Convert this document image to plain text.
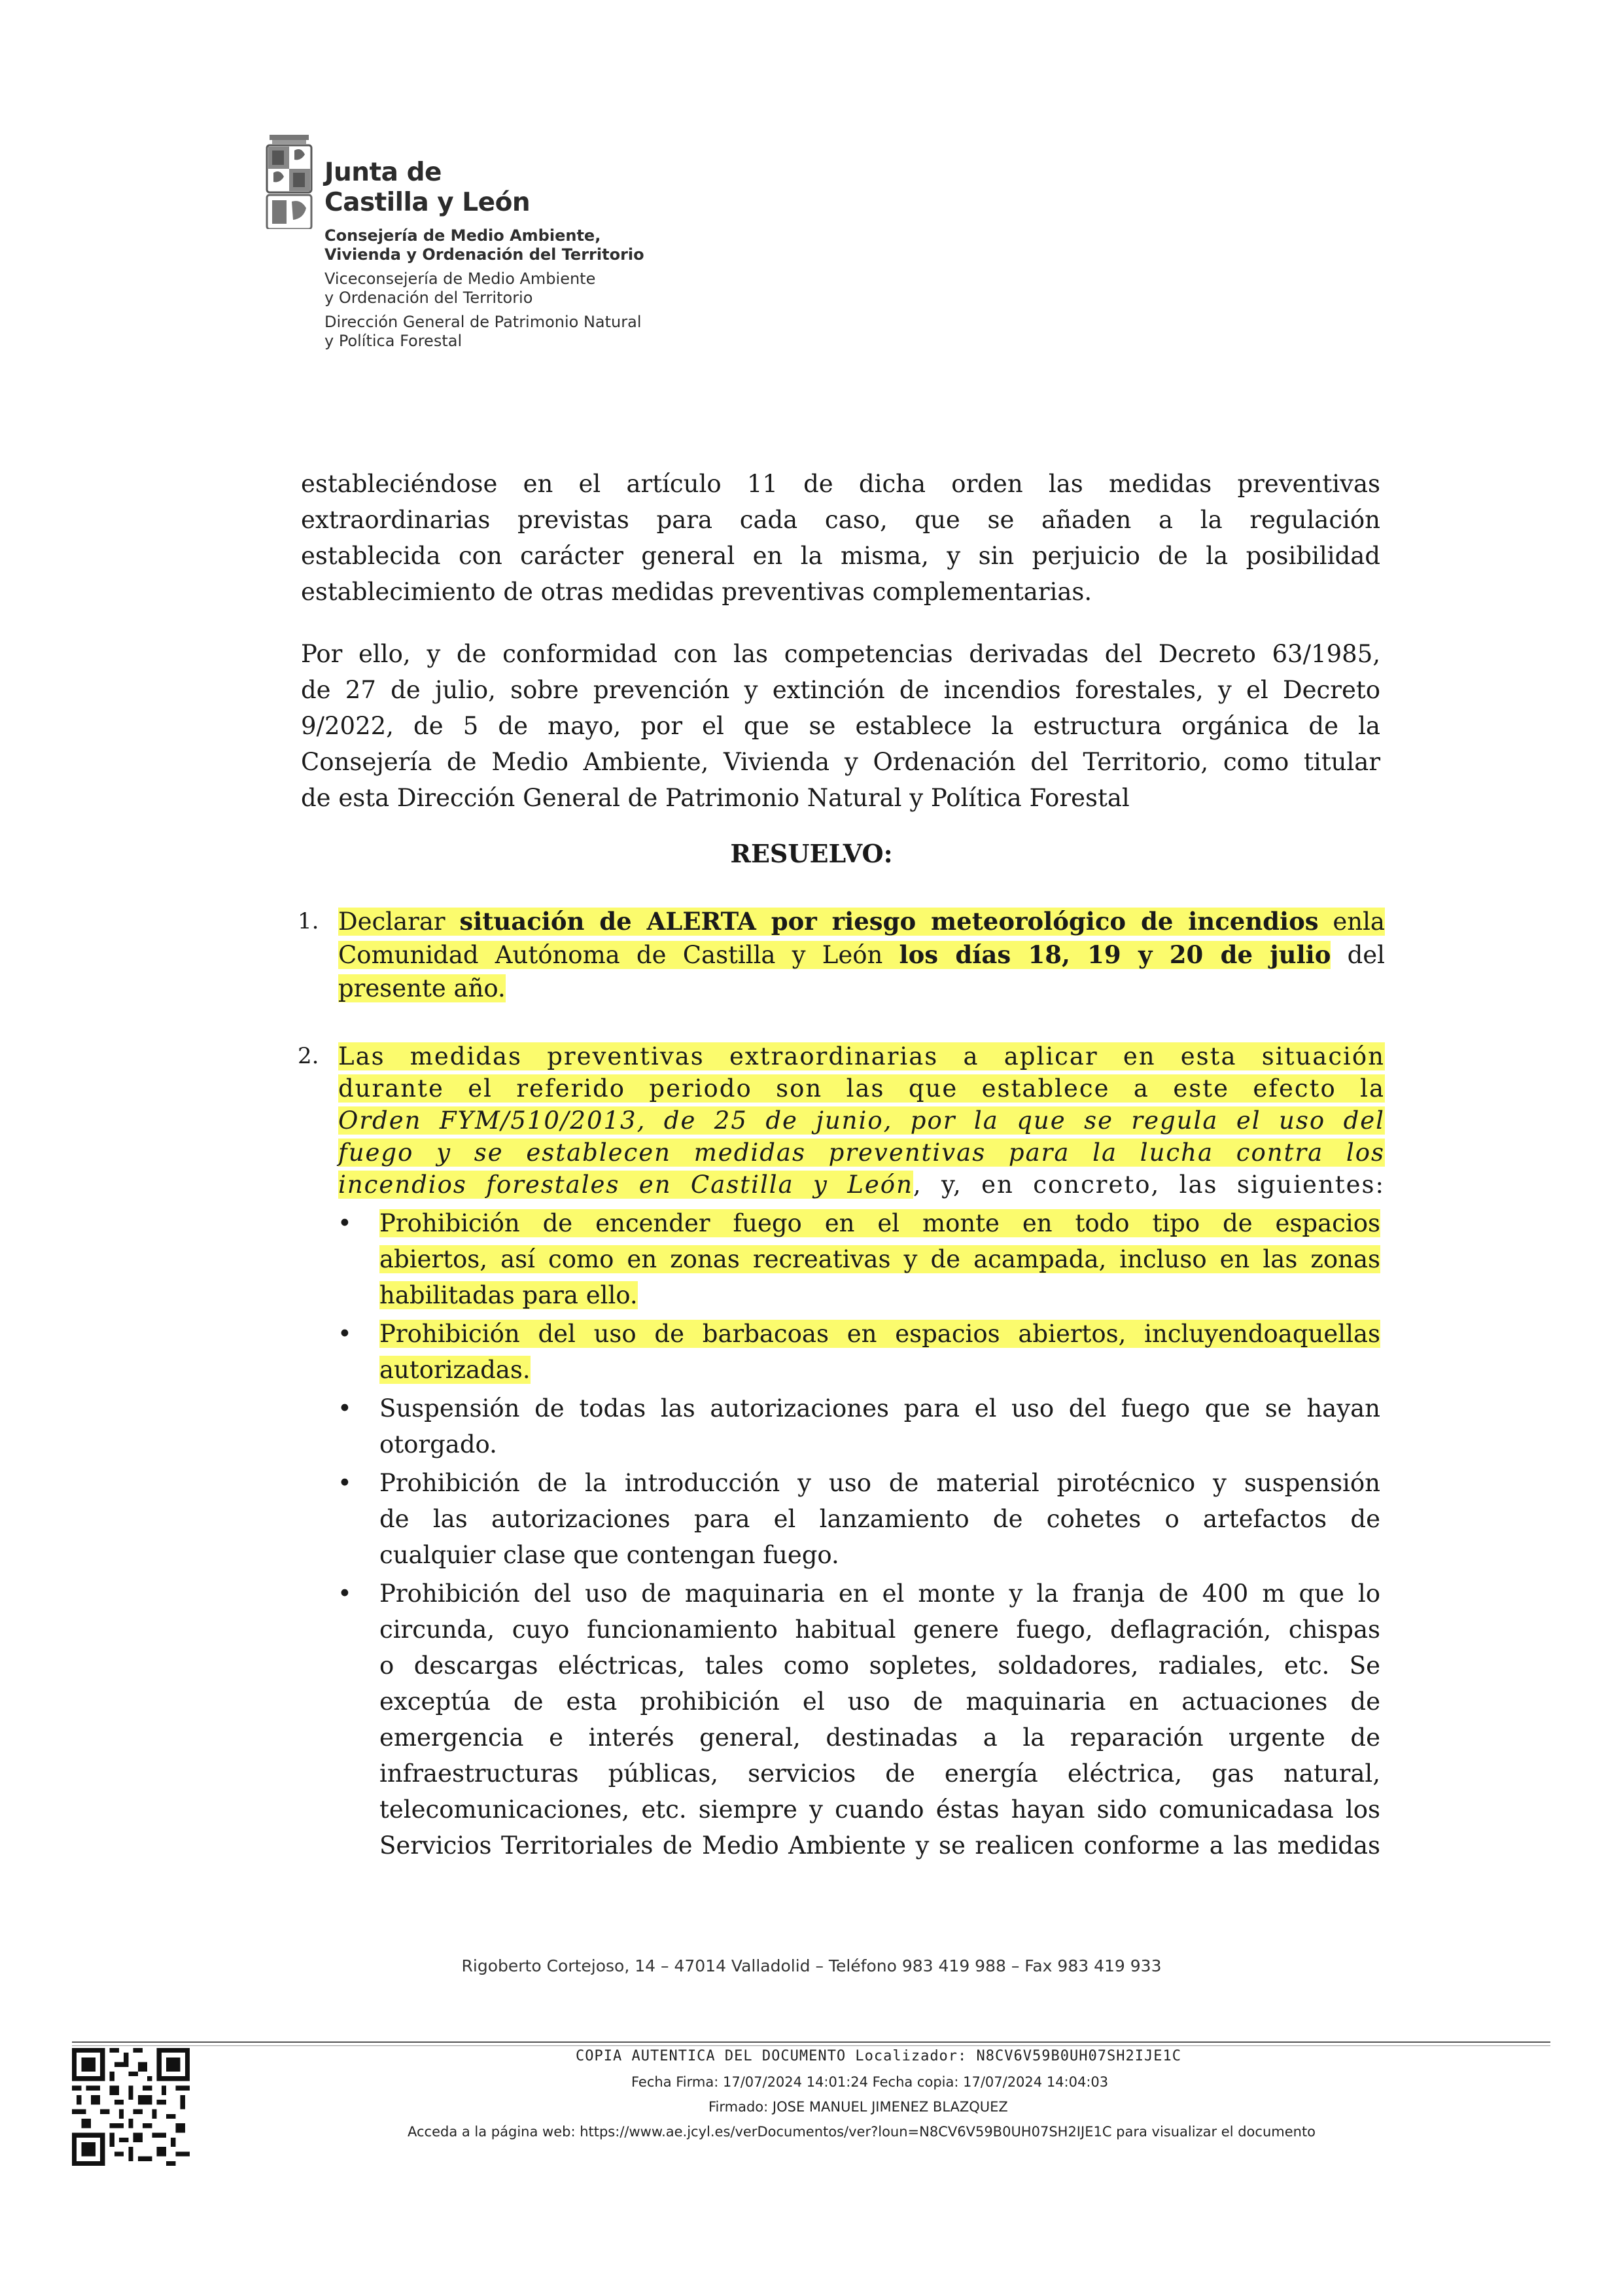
Junta de
Castilla y León
Consejería de Medio Ambiente,
Vivienda y Ordenación del Territorio
Viceconsejería de Medio Ambiente
y Ordenación del Territorio
Dirección General de Patrimonio Natural
y Política Forestal
estableciéndose en el artículo 11 de dicha orden las medidas preventivas
extraordinarias previstas para cada caso, que se añaden a la regulación
establecida con carácter general en la misma, y sin perjuicio de la posibilidad
establecimiento de otras medidas preventivas complementarias.
Por ello, y de conformidad con las competencias derivadas del Decreto 63/1985,
de 27 de julio, sobre prevención y extinción de incendios forestales, y el Decreto
9/2022, de 5 de mayo, por el que se establece la estructura orgánica de la
Consejería de Medio Ambiente, Vivienda y Ordenación del Territorio, como titular
de esta Dirección General de Patrimonio Natural y Política Forestal
RESUELVO:
1. Declarar situación de ALERTA por riesgo meteorológico de incendios enla
Comunidad Autónoma de Castilla y León los días 18, 19 y 20 de julio del
presente año.
2. Las medidas preventivas extraordinarias a aplicar en esta situación
durante el referido periodo son las que establece a este efecto la
Orden FYM/510/2013, de 25 de junio, por la que se regula el uso del
fuego y se establecen medidas preventivas para la lucha contra los
incendios forestales en Castilla y León, y, en concreto, las siguientes:
• Prohibición de encender fuego en el monte en todo tipo de espacios
abiertos, así como en zonas recreativas y de acampada, incluso en las zonas
habilitadas para ello.
• Prohibición del uso de barbacoas en espacios abiertos, incluyendoaquellas
autorizadas.
• Suspensión de todas las autorizaciones para el uso del fuego que se hayan
otorgado.
• Prohibición de la introducción y uso de material pirotécnico y suspensión
de las autorizaciones para el lanzamiento de cohetes o artefactos de
cualquier clase que contengan fuego.
• Prohibición del uso de maquinaria en el monte y la franja de 400 m que lo
circunda, cuyo funcionamiento habitual genere fuego, deflagración, chispas
o descargas eléctricas, tales como sopletes, soldadores, radiales, etc. Se
exceptúa de esta prohibición el uso de maquinaria en actuaciones de
emergencia e interés general, destinadas a la reparación urgente de
infraestructuras públicas, servicios de energía eléctrica, gas natural,
telecomunicaciones, etc. siempre y cuando éstas hayan sido comunicadasa los
Servicios Territoriales de Medio Ambiente y se realicen conforme a las medidas
Rigoberto Cortejoso, 14 – 47014 Valladolid – Teléfono 983 419 988 – Fax 983 419 933
COPIA AUTENTICA DEL DOCUMENTO Localizador: N8CV6V59B0UH07SH2IJE1C
Fecha Firma: 17/07/2024 14:01:24 Fecha copia: 17/07/2024 14:04:03
Firmado: JOSE MANUEL JIMENEZ BLAZQUEZ
Acceda a la página web: https://www.ae.jcyl.es/verDocumentos/ver?loun=N8CV6V59B0UH07SH2IJE1C para visualizar el documento
